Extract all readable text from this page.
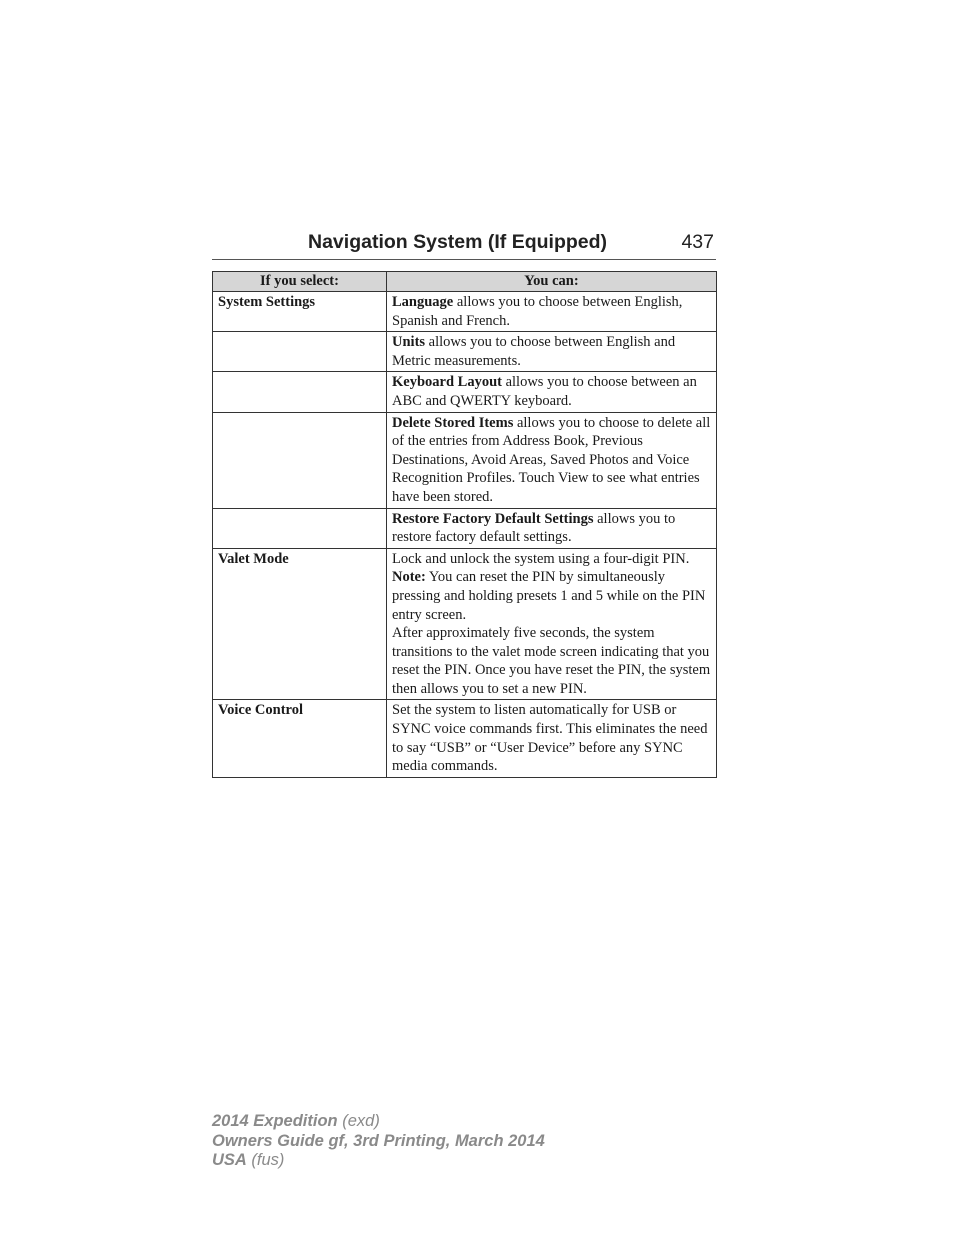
Navigation System (If Equipped)	437
If you select:	You can:
System Settings	Language allows you to choose between English, Spanish and French.
	Units allows you to choose between English and Metric measurements.
	Keyboard Layout allows you to choose between an ABC and QWERTY keyboard.
	Delete Stored Items allows you to choose to delete all of the entries from Address Book, Previous Destinations, Avoid Areas, Saved Photos and Voice Recognition Profiles. Touch View to see what entries have been stored.
	Restore Factory Default Settings allows you to restore factory default settings.
Valet Mode	Lock and unlock the system using a four-digit PIN.
Note: You can reset the PIN by simultaneously pressing and holding presets 1 and 5 while on the PIN entry screen.
After approximately five seconds, the system transitions to the valet mode screen indicating that you reset the PIN. Once you have reset the PIN, the system then allows you to set a new PIN.

Voice Control	Set the system to listen automatically for USB or SYNC voice commands first. This eliminates the need to say “USB” or “User Device” before any SYNC media commands.
2014 Expedition (exd)
Owners Guide gf, 3rd Printing, March 2014
USA (fus)
